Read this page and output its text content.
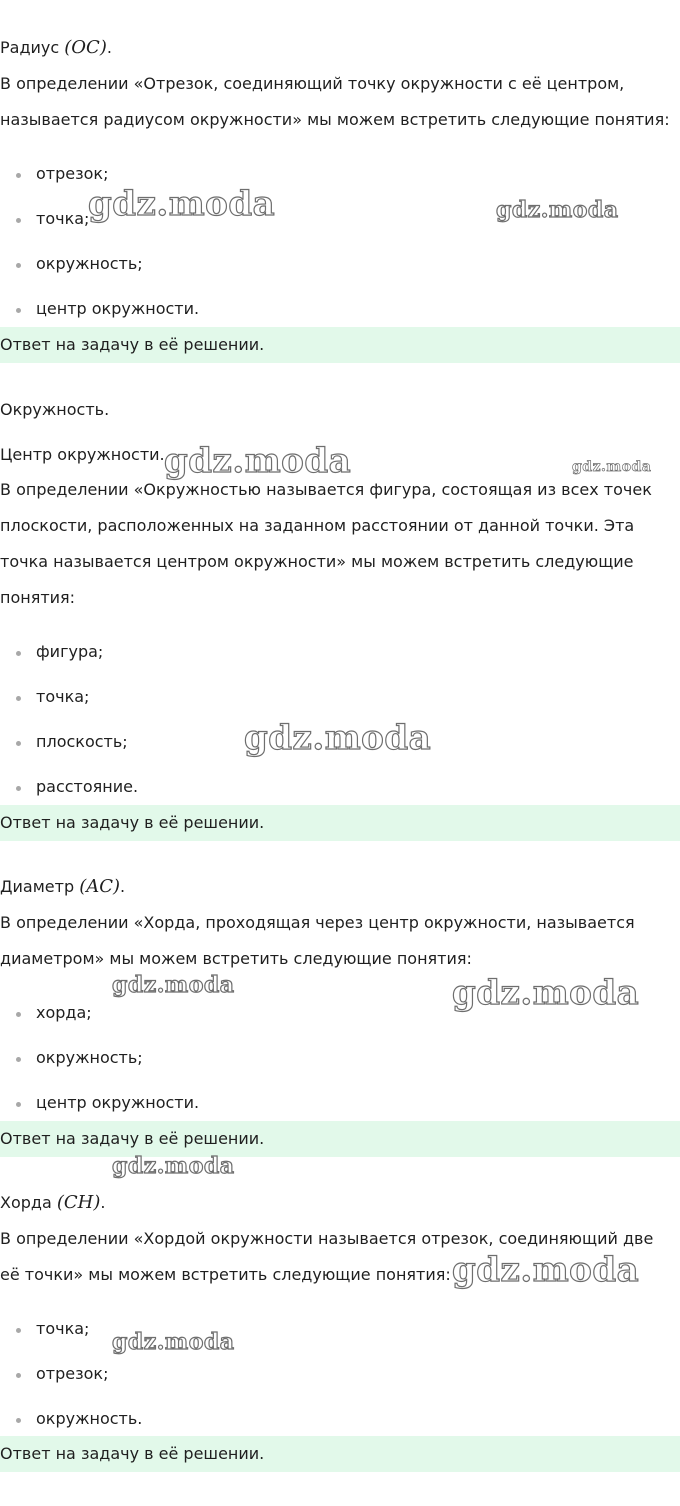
Радиус (OC).
В определении «Отрезок, соединяющий точку окружности с её центром,
называется радиусом окружности» мы можем встретить следующие понятия:
отрезок;
точка;
окружность;
центр окружности.
Ответ на задачу в её решении.
Окружность.
Центр окружности.
В определении «Окружностью называется фигура, состоящая из всех точек
плоскости, расположенных на заданном расстоянии от данной точки. Эта
точка называется центром окружности» мы можем встретить следующие
понятия:
фигура;
точка;
плоскость;
расстояние.
Ответ на задачу в её решении.
Диаметр (AC).
В определении «Хорда, проходящая через центр окружности, называется
диаметром» мы можем встретить следующие понятия:
хорда;
окружность;
центр окружности.
Ответ на задачу в её решении.
Хорда (CH).
В определении «Хордой окружности называется отрезок, соединяющий две
её точки» мы можем встретить следующие понятия:
точка;
отрезок;
окружность.
Ответ на задачу в её решении.
gdz.moda	gdz.moda
gdz.moda	gdz.moda
gdz.moda
gdz.moda	gdz.moda
gdz.moda
gdz.moda
gdz.moda
